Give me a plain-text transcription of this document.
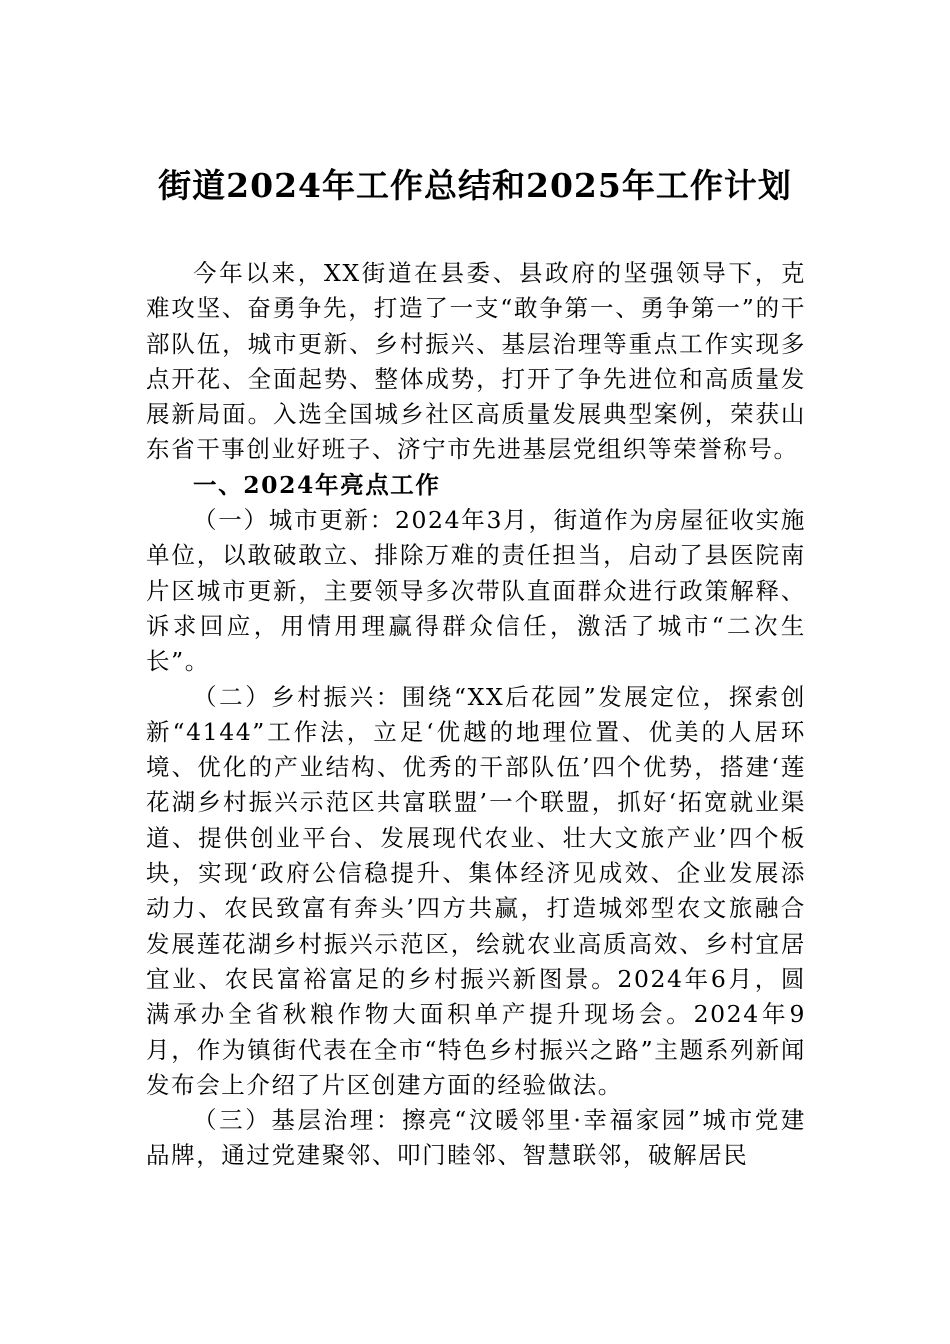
街道2024年工作总结和2025年工作计划

今年以来，XX街道在县委、县政府的坚强领导下，克难攻坚、奋勇争先，打造了一支“敢争第一、勇争第一”的干部队伍，城市更新、乡村振兴、基层治理等重点工作实现多点开花、全面起势、整体成势，打开了争先进位和高质量发展新局面。入选全国城乡社区高质量发展典型案例，荣获山东省干事创业好班子、济宁市先进基层党组织等荣誉称号。

一、2024年亮点工作

（一）城市更新：2024年3月，街道作为房屋征收实施单位，以敢破敢立、排除万难的责任担当，启动了县医院南片区城市更新，主要领导多次带队直面群众进行政策解释、诉求回应，用情用理赢得群众信任，激活了城市“二次生长”。

（二）乡村振兴：围绕“XX后花园”发展定位，探索创新“4144”工作法，立足‘优越的地理位置、优美的人居环境、优化的产业结构、优秀的干部队伍’四个优势，搭建‘莲花湖乡村振兴示范区共富联盟’一个联盟，抓好‘拓宽就业渠道、提供创业平台、发展现代农业、壮大文旅产业’四个板块，实现‘政府公信稳提升、集体经济见成效、企业发展添动力、农民致富有奔头’四方共赢，打造城郊型农文旅融合发展莲花湖乡村振兴示范区，绘就农业高质高效、乡村宜居宜业、农民富裕富足的乡村振兴新图景。2024年6月，圆满承办全省秋粮作物大面积单产提升现场会。2024年9月，作为镇街代表在全市“特色乡村振兴之路”主题系列新闻发布会上介绍了片区创建方面的经验做法。

（三）基层治理：擦亮“汶暖邻里·幸福家园”城市党建品牌，通过党建聚邻、叩门睦邻、智慧联邻，破解居民
